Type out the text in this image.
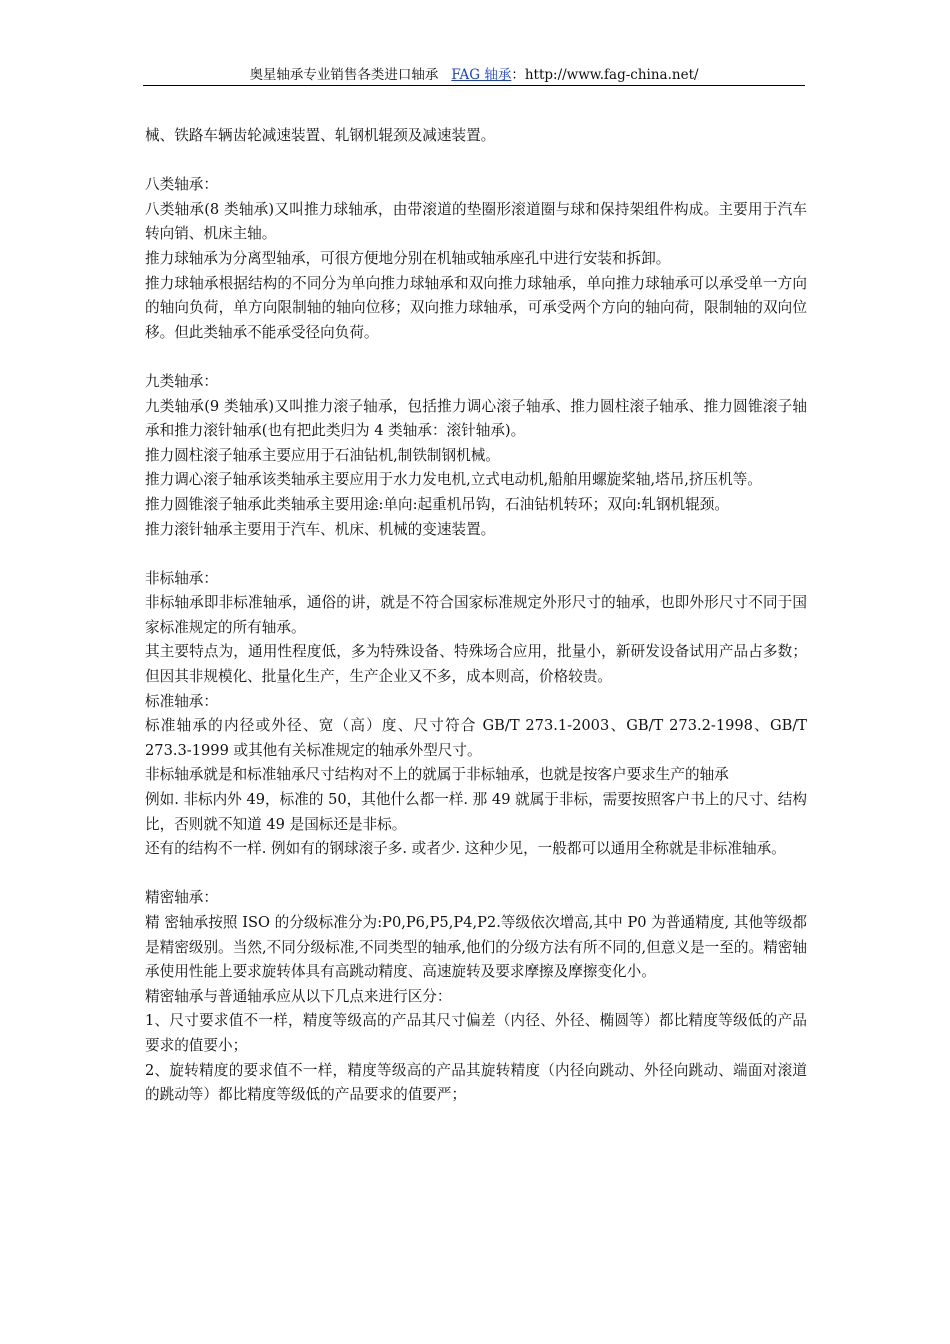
奥星轴承专业销售各类进口轴承 FAG 轴承：http://www.fag-china.net/

械、铁路车辆齿轮减速装置、轧钢机辊颈及减速装置。

八类轴承：

八类轴承(8 类轴承)又叫推力球轴承，由带滚道的垫圈形滚道圈与球和保持架组件构成。主要用于汽车转向销、机床主轴。

推力球轴承为分离型轴承，可很方便地分别在机轴或轴承座孔中进行安装和拆卸。

推力球轴承根据结构的不同分为单向推力球轴承和双向推力球轴承，单向推力球轴承可以承受单一方向的轴向负荷，单方向限制轴的轴向位移；双向推力球轴承，可承受两个方向的轴向荷，限制轴的双向位移。但此类轴承不能承受径向负荷。

九类轴承：

九类轴承(9 类轴承)又叫推力滚子轴承，包括推力调心滚子轴承、推力圆柱滚子轴承、推力圆锥滚子轴承和推力滚针轴承(也有把此类归为 4 类轴承：滚针轴承)。

推力圆柱滚子轴承主要应用于石油钻机,制铁制钢机械。

推力调心滚子轴承该类轴承主要应用于水力发电机,立式电动机,船舶用螺旋桨轴,塔吊,挤压机等。

推力圆锥滚子轴承此类轴承主要用途:单向:起重机吊钩，石油钻机转环；双向:轧钢机辊颈。

推力滚针轴承主要用于汽车、机床、机械的变速装置。

非标轴承：

非标轴承即非标准轴承，通俗的讲，就是不符合国家标准规定外形尺寸的轴承，也即外形尺寸不同于国家标准规定的所有轴承。

其主要特点为，通用性程度低，多为特殊设备、特殊场合应用，批量小，新研发设备试用产品占多数；但因其非规模化、批量化生产，生产企业又不多，成本则高，价格较贵。

标准轴承：

标准轴承的内径或外径、宽（高）度、尺寸符合 GB/T 273.1-2003、GB/T 273.2-1998、GB/T 273.3-1999 或其他有关标准规定的轴承外型尺寸。

非标轴承就是和标准轴承尺寸结构对不上的就属于非标轴承，也就是按客户要求生产的轴承

例如. 非标内外 49，标准的 50，其他什么都一样. 那 49 就属于非标，需要按照客户书上的尺寸、结构比，否则就不知道 49 是国标还是非标。

还有的结构不一样. 例如有的钢球滚子多. 或者少. 这种少见，一般都可以通用全称就是非标准轴承。

精密轴承：

精 密轴承按照 ISO 的分级标准分为:P0,P6,P5,P4,P2.等级依次增高,其中 P0 为普通精度, 其他等级都是精密级别。当然,不同分级标准,不同类型的轴承,他们的分级方法有所不同的,但意义是一至的。精密轴承使用性能上要求旋转体具有高跳动精度、高速旋转及要求摩擦及摩擦变化小。

精密轴承与普通轴承应从以下几点来进行区分：

1、尺寸要求值不一样，精度等级高的产品其尺寸偏差（内径、外径、椭圆等）都比精度等级低的产品要求的值要小；

2、旋转精度的要求值不一样，精度等级高的产品其旋转精度（内径向跳动、外径向跳动、端面对滚道的跳动等）都比精度等级低的产品要求的值要严；
